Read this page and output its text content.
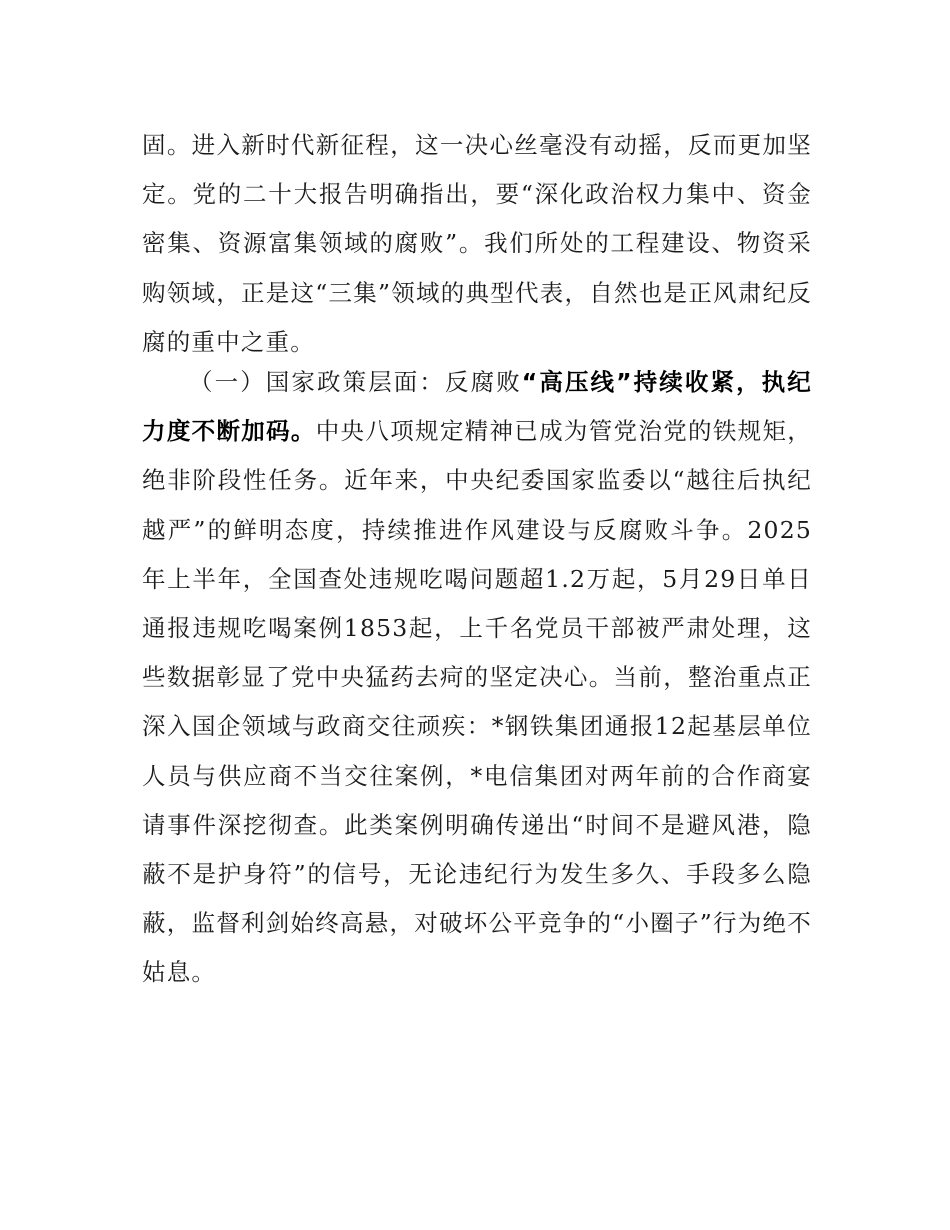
固。进入新时代新征程，这一决心丝毫没有动摇，反而更加坚定。党的二十大报告明确指出，要“深化政治权力集中、资金密集、资源富集领域的腐败”。我们所处的工程建设、物资采购领域，正是这“三集”领域的典型代表，自然也是正风肃纪反腐的重中之重。

（一）国家政策层面：反腐败“高压线”持续收紧，执纪力度不断加码。中央八项规定精神已成为管党治党的铁规矩，绝非阶段性任务。近年来，中央纪委国家监委以“越往后执纪越严”的鲜明态度，持续推进作风建设与反腐败斗争。2025年上半年，全国查处违规吃喝问题超1.2万起，5月29日单日通报违规吃喝案例1853起，上千名党员干部被严肃处理，这些数据彰显了党中央猛药去疴的坚定决心。当前，整治重点正深入国企领域与政商交往顽疾：*钢铁集团通报12起基层单位人员与供应商不当交往案例，*电信集团对两年前的合作商宴请事件深挖彻查。此类案例明确传递出“时间不是避风港，隐蔽不是护身符”的信号，无论违纪行为发生多久、手段多么隐蔽，监督利剑始终高悬，对破坏公平竞争的“小圈子”行为绝不姑息。
